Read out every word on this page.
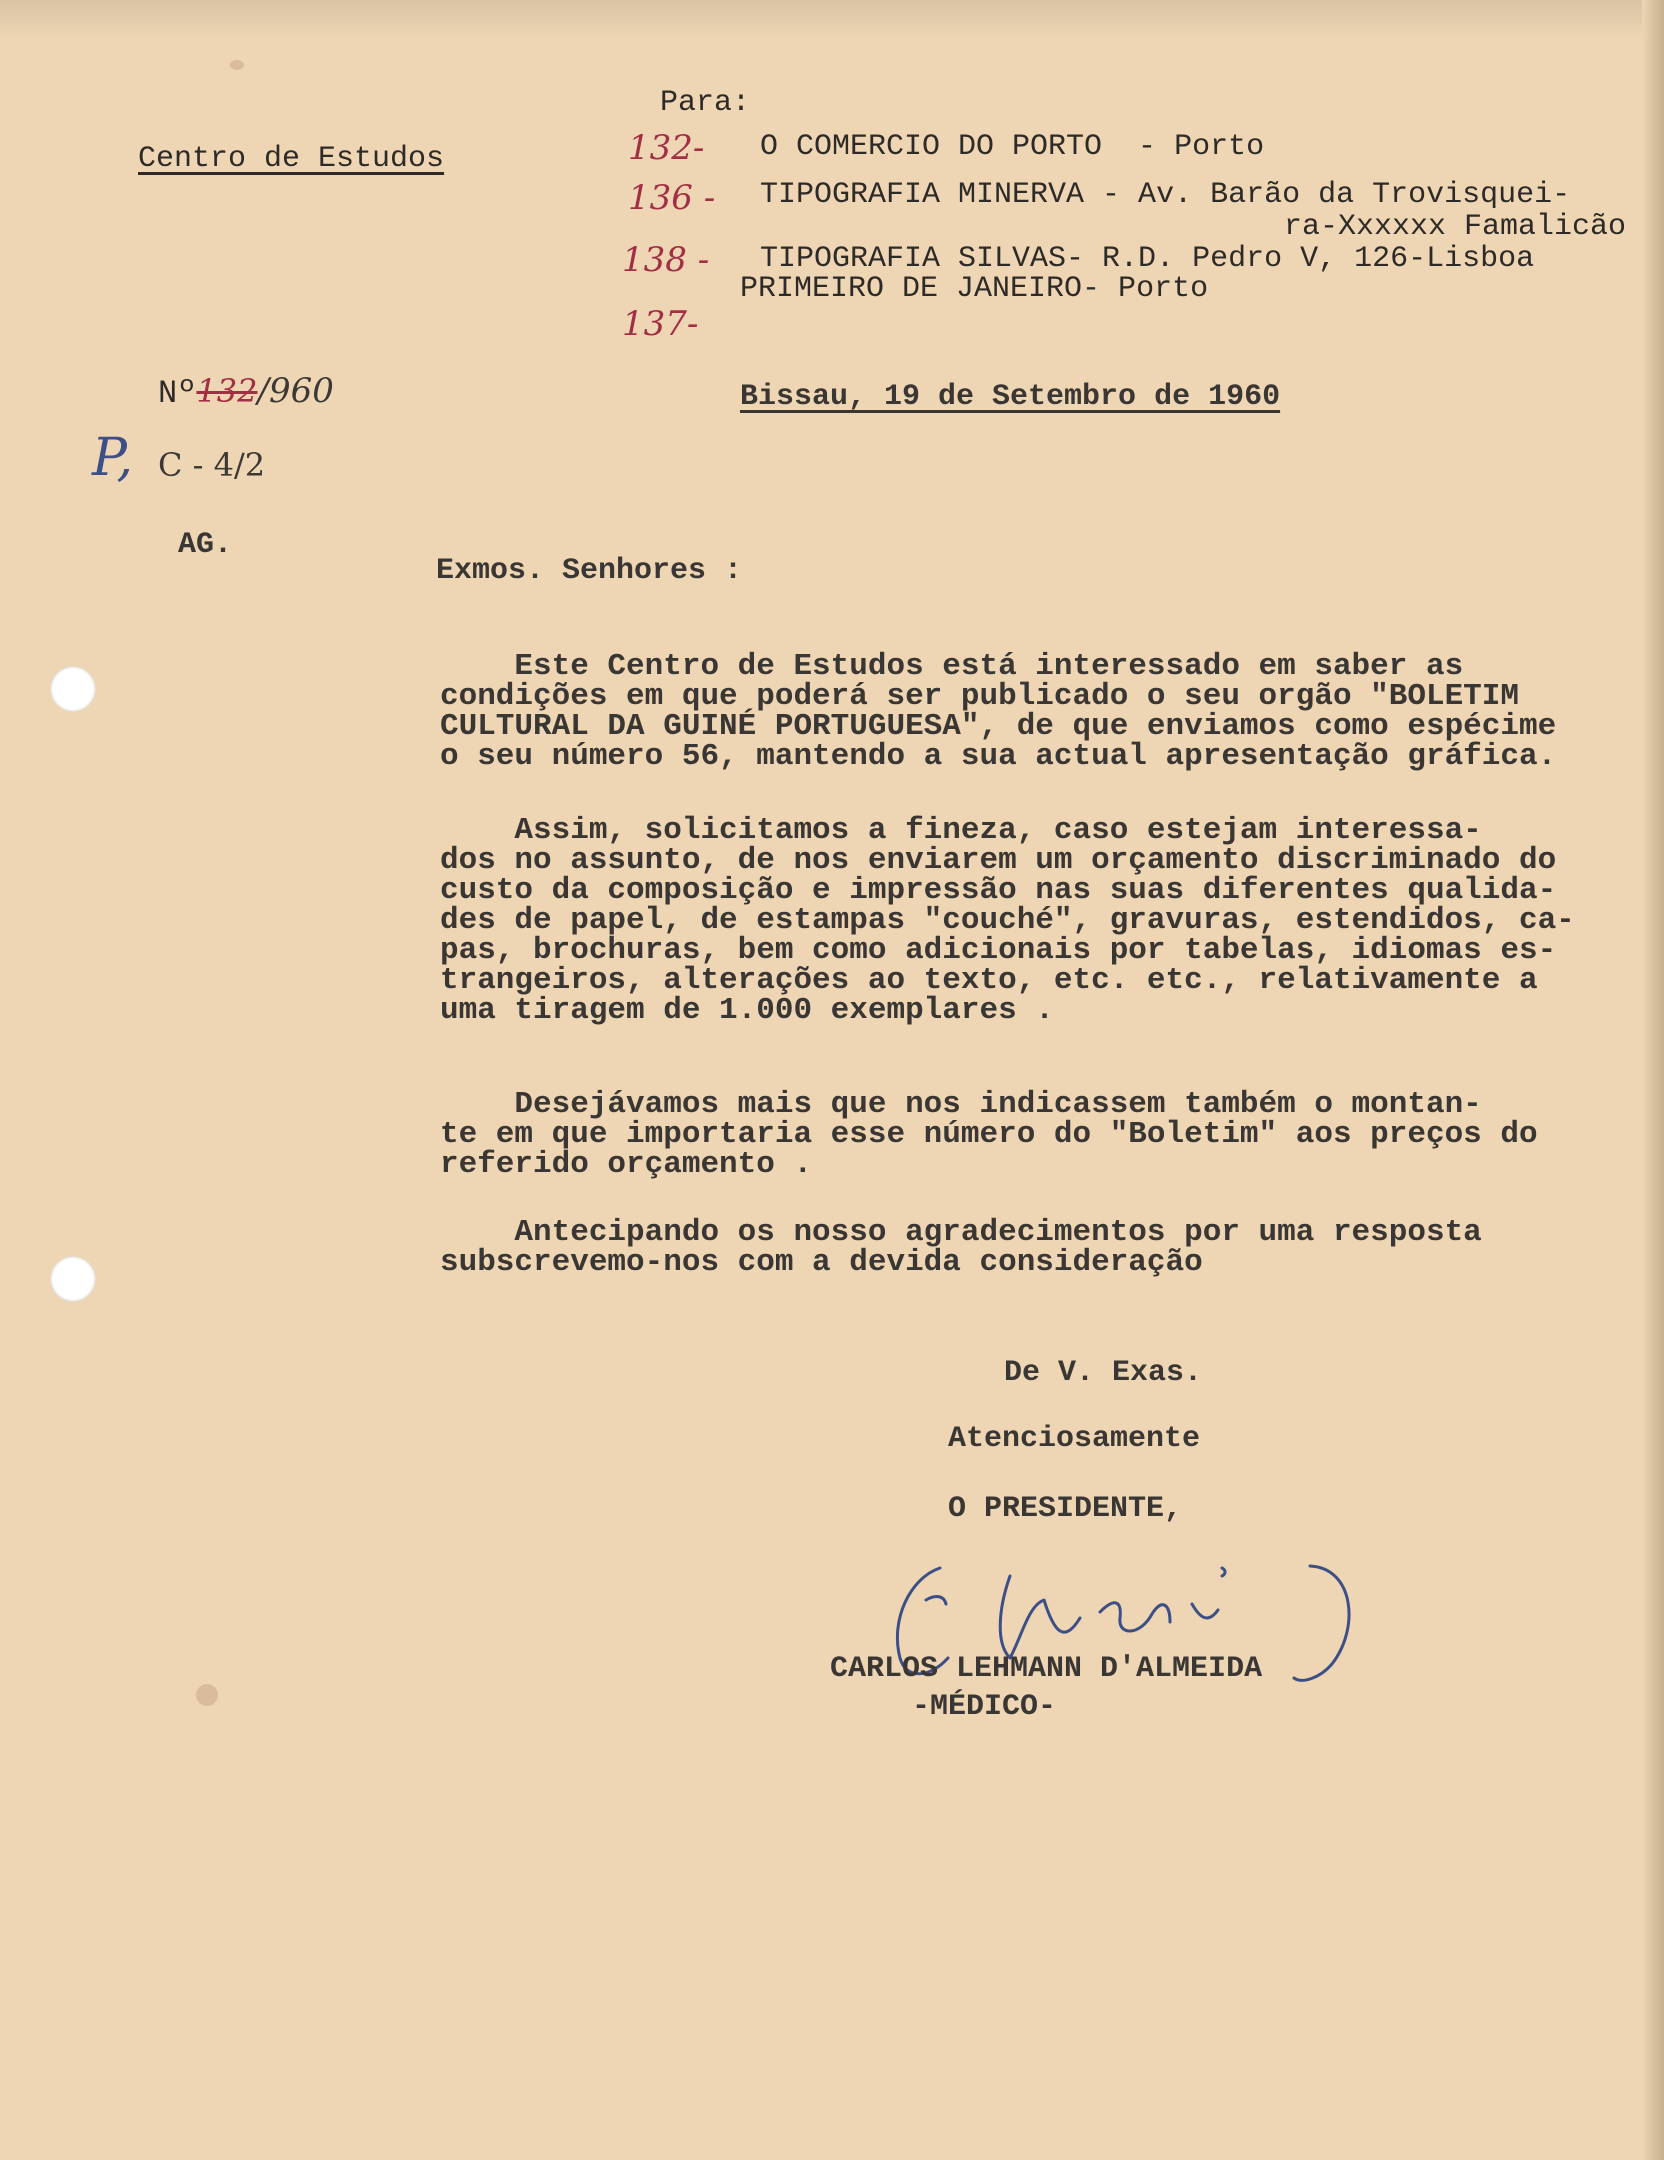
Para:
Centro de Estudos	132- O COMERCIO DO PORTO  - Porto
136 - TIPOGRAFIA MINERVA - Av. Barão da Trovisquei-
ra-Xxxxxx Famalicão
138 - TIPOGRAFIA SILVAS- R.D. Pedro V, 126-Lisboa
137-
PRIMEIRO DE JANEIRO- Porto
Nº132/960
P, C - 4/2
AG.
Bissau, 19 de Setembro de 1960
Exmos. Senhores :
Este Centro de Estudos está interessado em saber as
condições em que poderá ser publicado o seu orgão "BOLETIM
CULTURAL DA GUINÉ PORTUGUESA", de que enviamos como espécime
o seu número 56, mantendo a sua actual apresentação gráfica.
Assim, solicitamos a fineza, caso estejam interessa-
dos no assunto, de nos enviarem um orçamento discriminado do
custo da composição e impressão nas suas diferentes qualida-
des de papel, de estampas "couché", gravuras, estendidos, ca-
pas, brochuras, bem como adicionais por tabelas, idiomas es-
trangeiros, alterações ao texto, etc. etc., relativamente a
uma tiragem de 1.000 exemplares .
Desejávamos mais que nos indicassem também o montan-
te em que importaria esse número do "Boletim" aos preços do
referido orçamento .
Antecipando os nosso agradecimentos por uma resposta
subscrevemo-nos com a devida consideração
De V. Exas.
Atenciosamente
O PRESIDENTE,
CARLOS LEHMANN D'ALMEIDA
-MÉDICO-
